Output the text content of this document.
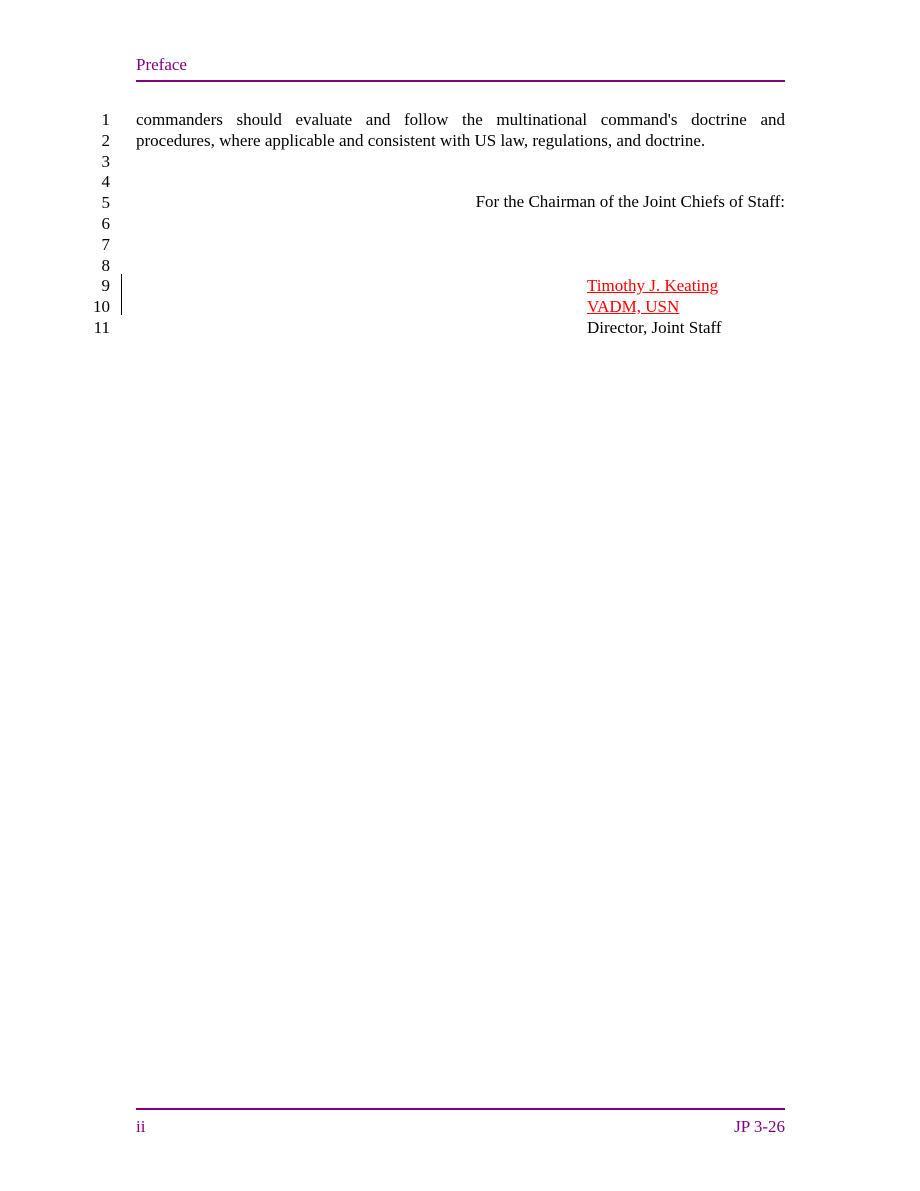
Preface
1
2
3
4
5
6
7
8
9
10
11
commanders should evaluate and follow the multinational command's doctrine and
procedures, where applicable and consistent with US law, regulations, and doctrine.
For the Chairman of the Joint Chiefs of Staff:
Timothy J. Keating
VADM, USN
Director, Joint Staff
ii	JP 3-26
